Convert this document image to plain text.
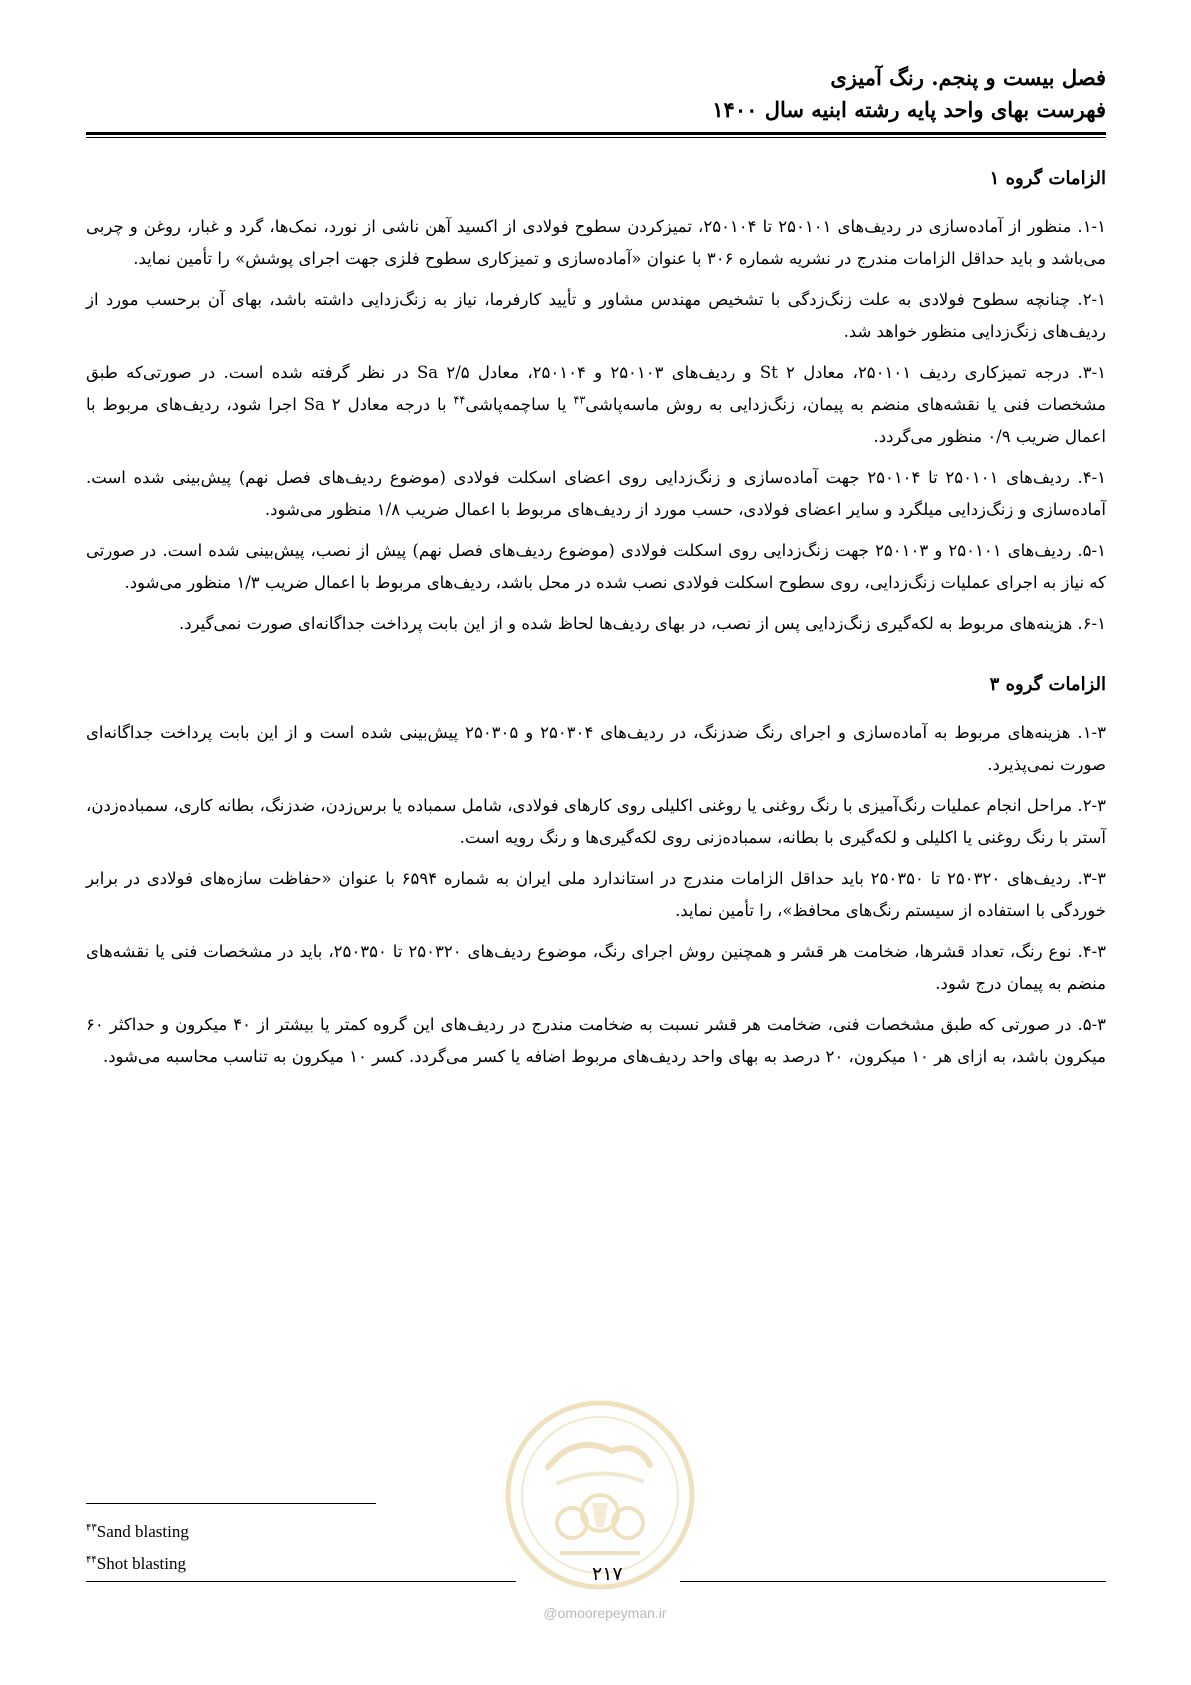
فصل بیست و پنجم. رنگ آمیزی
فهرست بهای واحد پایه رشته ابنیه سال ۱۴۰۰
الزامات گروه ۱

۱-۱. منظور از آماده‌سازی در ردیف‌های ۲۵۰۱۰۱ تا ۲۵۰۱۰۴، تمیزکردن سطوح فولادی از اکسید آهن ناشی از نورد، نمک‌ها، گرد و غبار، روغن و چربی می‌باشد و باید حداقل الزامات مندرج در نشریه شماره ۳۰۶ با عنوان «آماده‌سازی و تمیزکاری سطوح فلزی جهت اجرای پوشش» را تأمین نماید.

۲-۱. چنانچه سطوح فولادی به علت زنگ‌زدگی با تشخیص مهندس مشاور و تأیید کارفرما، نیاز به زنگ‌زدایی داشته باشد، بهای آن برحسب مورد از ردیف‌های زنگ‌زدایی منظور خواهد شد.

۳-۱. درجه تمیزکاری ردیف ۲۵۰۱۰۱، معادل St ۲ و ردیف‌های ۲۵۰۱۰۳ و ۲۵۰۱۰۴، معادل Sa ۲/۵ در نظر گرفته شده است. در صورتی‌که طبق مشخصات فنی یا نقشه‌های منضم به پیمان، زنگ‌زدایی به روش ماسه‌پاشی$^{۴۳}$ یا ساچمه‌پاشی$^{۴۴}$ با درجه معادل Sa ۲ اجرا شود، ردیف‌های مربوط با اعمال ضریب ۰/۹ منظور می‌گردد.

۴-۱. ردیف‌های ۲۵۰۱۰۱ تا ۲۵۰۱۰۴ جهت آماده‌سازی و زنگ‌زدایی روی اعضای اسکلت فولادی (موضوع ردیف‌های فصل نهم) پیش‌بینی شده است. آماده‌سازی و زنگ‌زدایی میلگرد و سایر اعضای فولادی، حسب مورد از ردیف‌های مربوط با اعمال ضریب ۱/۸ منظور می‌شود.

۵-۱. ردیف‌های ۲۵۰۱۰۱ و ۲۵۰۱۰۳ جهت زنگ‌زدایی روی اسکلت فولادی (موضوع ردیف‌های فصل نهم) پیش از نصب، پیش‌بینی شده است. در صورتی که نیاز به اجرای عملیات زنگ‌زدایی، روی سطوح اسکلت فولادی نصب شده در محل باشد، ردیف‌های مربوط با اعمال ضریب ۱/۳ منظور می‌شود.

۶-۱. هزینه‌های مربوط به لکه‌گیری زنگ‌زدایی پس از نصب، در بهای ردیف‌ها لحاظ شده و از این بابت پرداخت جداگانه‌ای صورت نمی‌گیرد.

الزامات گروه ۳

۱-۳. هزینه‌های مربوط به آماده‌سازی و اجرای رنگ ضدزنگ، در ردیف‌های ۲۵۰۳۰۴ و ۲۵۰۳۰۵ پیش‌بینی شده است و از این بابت پرداخت جداگانه‌ای صورت نمی‌پذیرد.

۲-۳. مراحل انجام عملیات رنگ‌آمیزی با رنگ روغنی یا روغنی اکلیلی روی کارهای فولادی، شامل سمباده یا برس‌زدن، ضدزنگ، بطانه کاری، سمباده‌زدن، آستر با رنگ روغنی یا اکلیلی و لکه‌گیری با بطانه، سمباده‌زنی روی لکه‌گیری‌ها و رنگ رویه است.

۳-۳. ردیف‌های ۲۵۰۳۲۰ تا ۲۵۰۳۵۰ باید حداقل الزامات مندرج در استاندارد ملی ایران به شماره ۶۵۹۴ با عنوان «حفاظت سازه‌های فولادی در برابر خوردگی با استفاده از سیستم رنگ‌های محافظ»، را تأمین نماید.

۴-۳. نوع رنگ، تعداد قشرها، ضخامت هر قشر و همچنین روش اجرای رنگ، موضوع ردیف‌های ۲۵۰۳۲۰ تا ۲۵۰۳۵۰، باید در مشخصات فنی یا نقشه‌های منضم به پیمان درج شود.

۵-۳. در صورتی که طبق مشخصات فنی، ضخامت هر قشر نسبت به ضخامت مندرج در ردیف‌های این گروه کمتر یا بیشتر از ۴۰ میکرون و حداکثر ۶۰ میکرون باشد، به ازای هر ۱۰ میکرون، ۲۰ درصد به بهای واحد ردیف‌های مربوط اضافه یا کسر می‌گردد. کسر ۱۰ میکرون به تناسب محاسبه می‌شود.

$^{۴۳}$Sand blasting
$^{۴۴}$Shot blasting	۲۱۷
@omoorepeyman.ir
